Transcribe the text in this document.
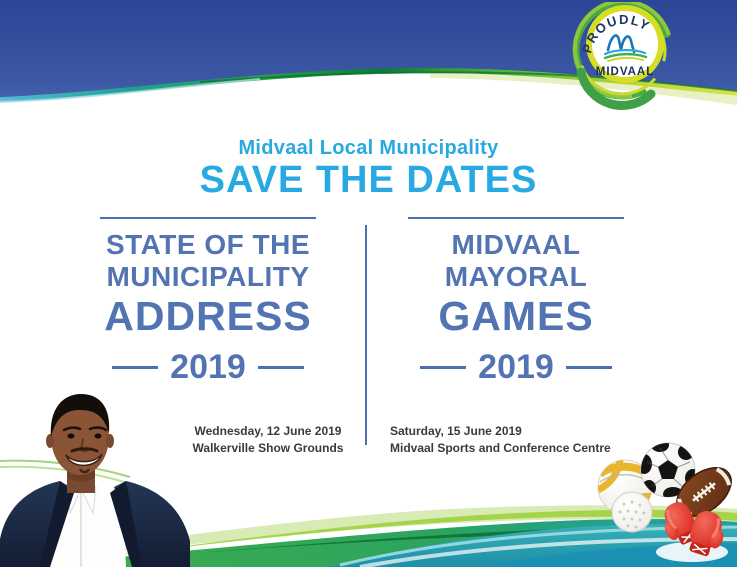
PROUDLY
MIDVAAL
Midvaal Local Municipality
SAVE THE DATES
STATE OF THE
MUNICIPALITY
ADDRESS
2019
MIDVAAL
MAYORAL
GAMES
2019
Wednesday, 12 June 2019
Walkerville Show Grounds
Saturday, 15 June 2019
Midvaal Sports and Conference Centre
